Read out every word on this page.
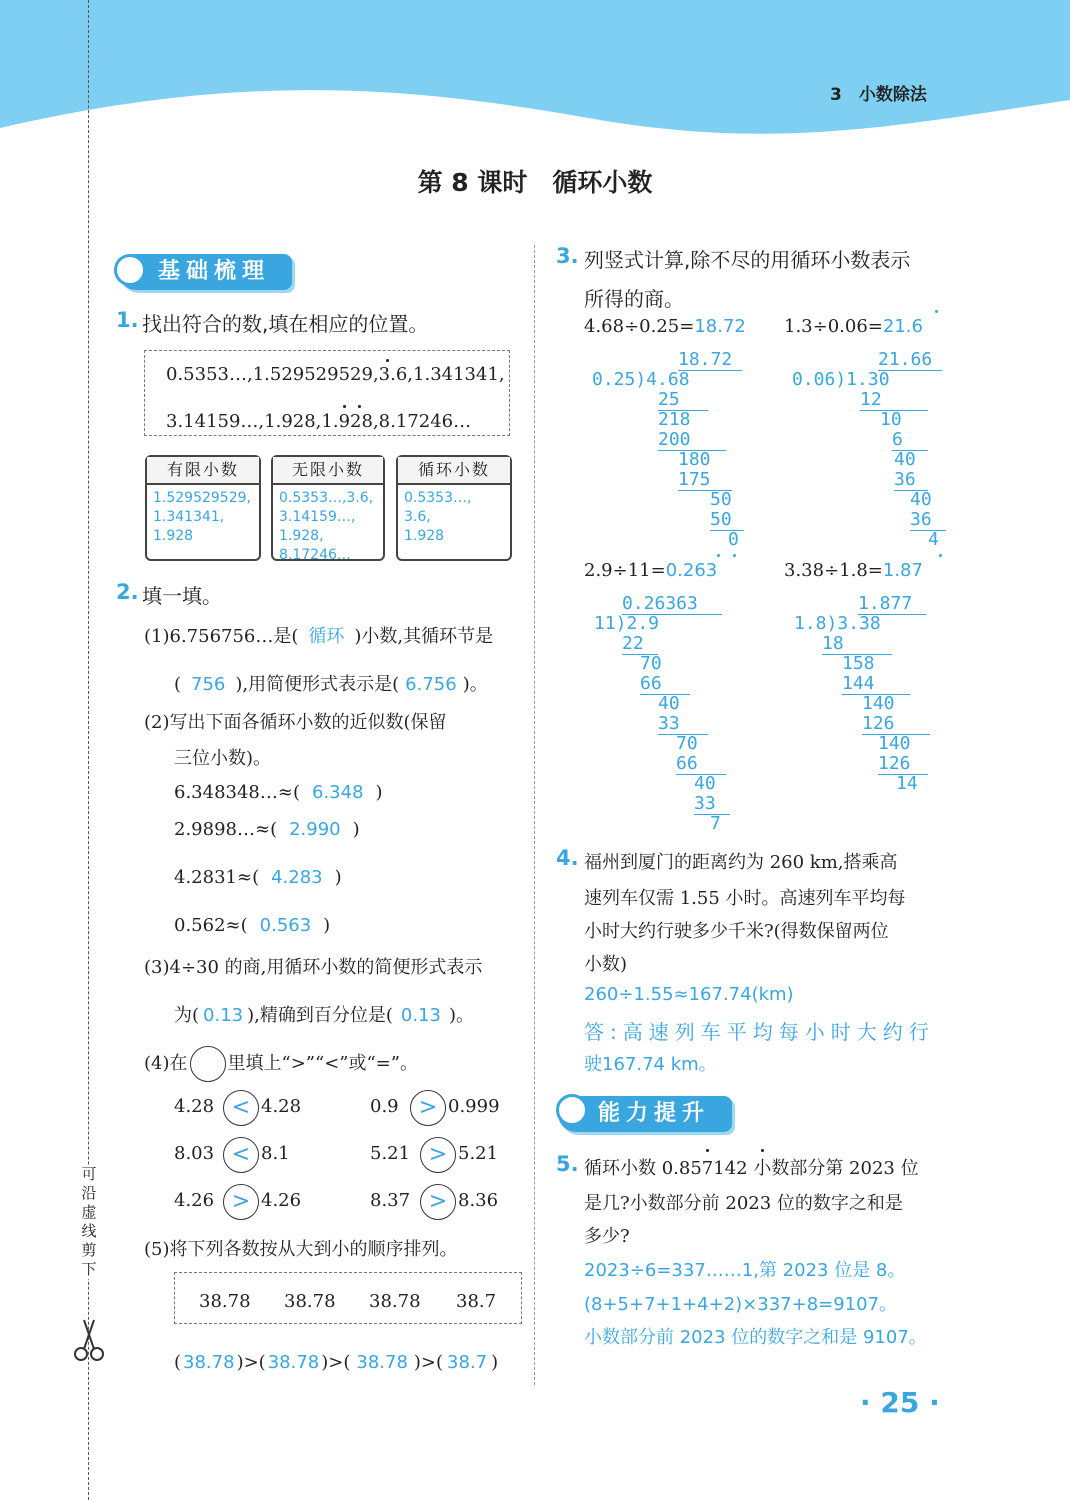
3　小数除法
可
沿
虚
线
剪
下
第 8 课时　循环小数
基础梳理
1. 找出符合的数,填在相应的位置。
0.5353…,1.529529529,3.6,1.341341,
3.14159…,1.928,1.928,8.17246…
有限小数
1.529529529,
1.341341,
1.928
无限小数
0.5353…,3.6,
3.14159…,
1.928,
8.17246…
循环小数
0.5353…,
3.6,
1.928
2. 填一填。
(1)6.756756…是( 循环 )小数,其循环节是
( 756 ),用简便形式表示是( 6.756 )。
(2)写出下面各循环小数的近似数(保留
三位小数)。
6.348348…≈( 6.348 )
2.9898…≈( 2.990 )
4.2831≈( 4.283 )
0.562≈( 0.563 )
(3)4÷30 的商,用循环小数的简便形式表示
为( 0.13 ),精确到百分位是( 0.13 )。
(4)在 里填上“>”“<”或“=”。
4.28 < 4.28	0.9 > 0.999
8.03 < 8.1	5.21 > 5.21
4.26 > 4.26	8.37 > 8.36
(5)将下列各数按从大到小的顺序排列。
38.78 38.78 38.78 38.7
( 38.78 )>( 38.78 )>( 38.78 )>( 38.7 )
3. 列竖式计算,除不尽的用循环小数表示
所得的商。
4.68÷0.25=18.72 1.3÷0.06=21.6
18.72
0.25)4.68
25
218
200
180
175
50
50
0
21.66
0.06)1.30
12
10
6
40
36
40
36
4
2.9÷11=0.263	3.38÷1.8=1.87
0.26363
11)2.9
22
70
66
40
33
70
66
40
33
7
1.877
1.8)3.38
18
158
144
140
126
140
126
14
4. 福州到厦门的距离约为 260 km,搭乘高
速列车仅需 1.55 小时。高速列车平均每
小时大约行驶多少千米?(得数保留两位
小数)
260÷1.55≈167.74(km)
答:高速列车平均每小时大约行
驶167.74 km。
能力提升
5. 循环小数 0.857142 小数部分第 2023 位
是几?小数部分前 2023 位的数字之和是
多少?
2023÷6=337……1,第 2023 位是 8。
(8+5+7+1+4+2)×337+8=9107。
小数部分前 2023 位的数字之和是 9107。
· 25 ·
